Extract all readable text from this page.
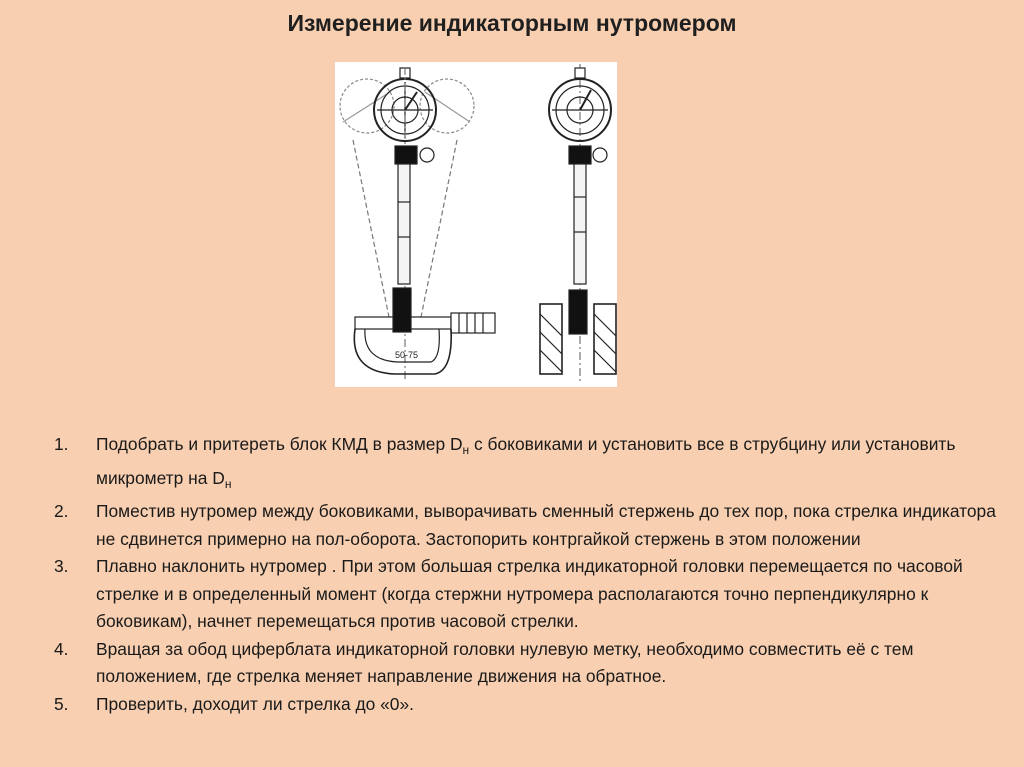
Измерение индикаторным нутромером
50-75
1. Подобрать и притереть блок КМД в размер $D_н$ с боковиками и установить все в струбцину или установить микрометр на $D_н$
2. Поместив нутромер между боковиками, выворачивать сменный стержень до тех пор, пока стрелка индикатора не сдвинется примерно на пол-оборота. Застопорить контргайкой стержень в этом положении
3. Плавно наклонить нутромер . При этом большая стрелка индикаторной головки перемещается по часовой стрелке и в определенный момент (когда стержни нутромера располагаются точно перпендикулярно к боковикам), начнет перемещаться против часовой стрелки.
4. Вращая за обод циферблата индикаторной головки нулевую метку, необходимо совместить её с тем положением, где стрелка меняет направление движения на обратное.
5. Проверить, доходит ли стрелка до «0».
